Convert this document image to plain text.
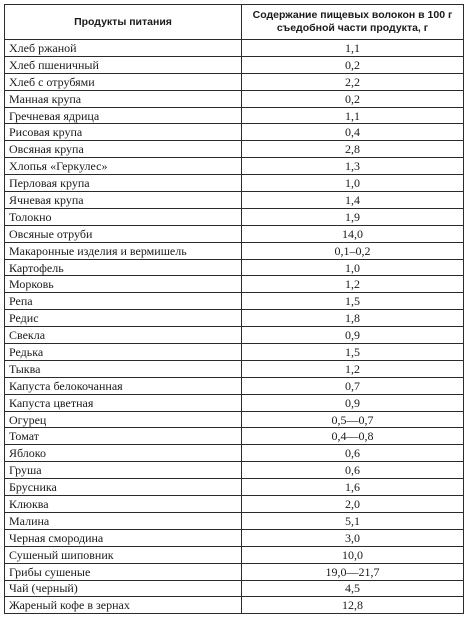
Продукты питания	Содержание пищевых волокон в 100 г съедобной части продукта, г
Хлеб ржаной	1,1
Хлеб пшеничный	0,2
Хлеб с отрубями	2,2
Манная крупа	0,2
Гречневая ядрица	1,1
Рисовая крупа	0,4
Овсяная крупа	2,8
Хлопья «Геркулес»	1,3
Перловая крупа	1,0
Ячневая крупа	1,4
Толокно	1,9
Овсяные отруби	14,0
Макаронные изделия и вермишель	0,1–0,2
Картофель	1,0
Морковь	1,2
Репа	1,5
Редис	1,8
Свекла	0,9
Редька	1,5
Тыква	1,2
Капуста белокочанная	0,7
Капуста цветная	0,9
Огурец	0,5—0,7
Томат	0,4—0,8
Яблоко	0,6
Груша	0,6
Брусника	1,6
Клюква	2,0
Малина	5,1
Черная смородина	3,0
Сушеный шиповник	10,0
Грибы сушеные	19,0—21,7
Чай (черный)	4,5
Жареный кофе в зернах	12,8
